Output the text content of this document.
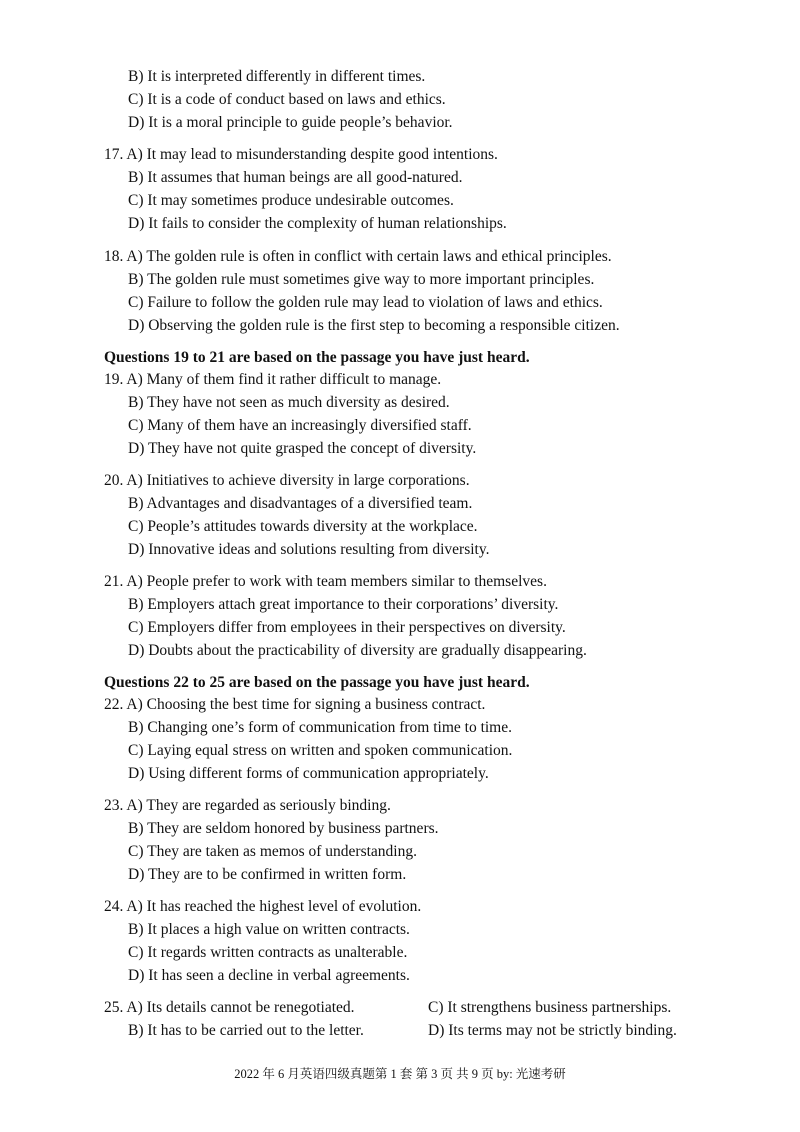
B) It is interpreted differently in different times.
C) It is a code of conduct based on laws and ethics.
D) It is a moral principle to guide people’s behavior.
17. A) It may lead to misunderstanding despite good intentions.
B) It assumes that human beings are all good-natured.
C) It may sometimes produce undesirable outcomes.
D) It fails to consider the complexity of human relationships.
18. A) The golden rule is often in conflict with certain laws and ethical principles.
B) The golden rule must sometimes give way to more important principles.
C) Failure to follow the golden rule may lead to violation of laws and ethics.
D) Observing the golden rule is the first step to becoming a responsible citizen.
Questions 19 to 21 are based on the passage you have just heard.
19. A) Many of them find it rather difficult to manage.
B) They have not seen as much diversity as desired.
C) Many of them have an increasingly diversified staff.
D) They have not quite grasped the concept of diversity.
20. A) Initiatives to achieve diversity in large corporations.
B) Advantages and disadvantages of a diversified team.
C) People’s attitudes towards diversity at the workplace.
D) Innovative ideas and solutions resulting from diversity.
21. A) People prefer to work with team members similar to themselves.
B) Employers attach great importance to their corporations’ diversity.
C) Employers differ from employees in their perspectives on diversity.
D) Doubts about the practicability of diversity are gradually disappearing.
Questions 22 to 25 are based on the passage you have just heard.
22. A) Choosing the best time for signing a business contract.
B) Changing one’s form of communication from time to time.
C) Laying equal stress on written and spoken communication.
D) Using different forms of communication appropriately.
23. A) They are regarded as seriously binding.
B) They are seldom honored by business partners.
C) They are taken as memos of understanding.
D) They are to be confirmed in written form.
24. A) It has reached the highest level of evolution.
B) It places a high value on written contracts.
C) It regards written contracts as unalterable.
D) It has seen a decline in verbal agreements.
25. A) Its details cannot be renegotiated.	C) It strengthens business partnerships.
B) It has to be carried out to the letter.	D) Its terms may not be strictly binding.
2022 年 6 月英语四级真题第 1 套 第 3 页 共 9 页 by: 光速考研
